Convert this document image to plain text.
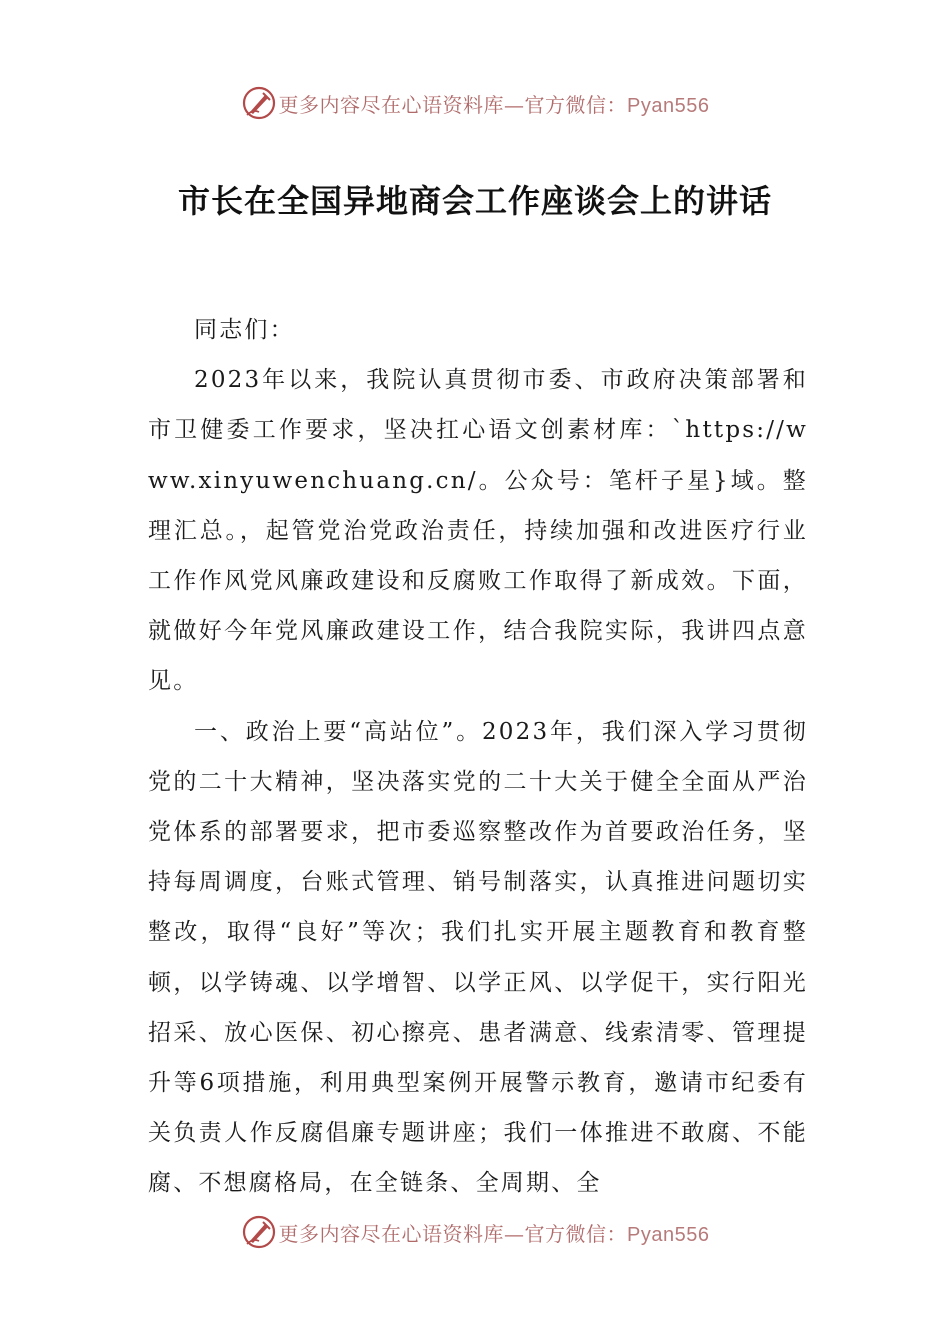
更多内容尽在心语资料库—官方微信：Pyan556
市长在全国异地商会工作座谈会上的讲话

同志们：

2023年以来，我院认真贯彻市委、市政府决策部署和市卫健委工作要求，坚决扛心语文创素材库：`https://www.xinyuwenchuang.cn/。公众号：笔杆子星}域。整理汇总。，起管党治党政治责任，持续加强和改进医疗行业工作作风党风廉政建设和反腐败工作取得了新成效。下面，就做好今年党风廉政建设工作，结合我院实际，我讲四点意见。

一、政治上要“高站位”。2023年，我们深入学习贯彻党的二十大精神，坚决落实党的二十大关于健全全面从严治党体系的部署要求，把市委巡察整改作为首要政治任务，坚持每周调度，台账式管理、销号制落实，认真推进问题切实整改，取得“良好”等次；我们扎实开展主题教育和教育整顿，以学铸魂、以学增智、以学正风、以学促干，实行阳光招采、放心医保、初心擦亮、患者满意、线索清零、管理提升等6项措施，利用典型案例开展警示教育，邀请市纪委有关负责人作反腐倡廉专题讲座；我们一体推进不敢腐、不能腐、不想腐格局，在全链条、全周期、全

更多内容尽在心语资料库—官方微信：Pyan556
